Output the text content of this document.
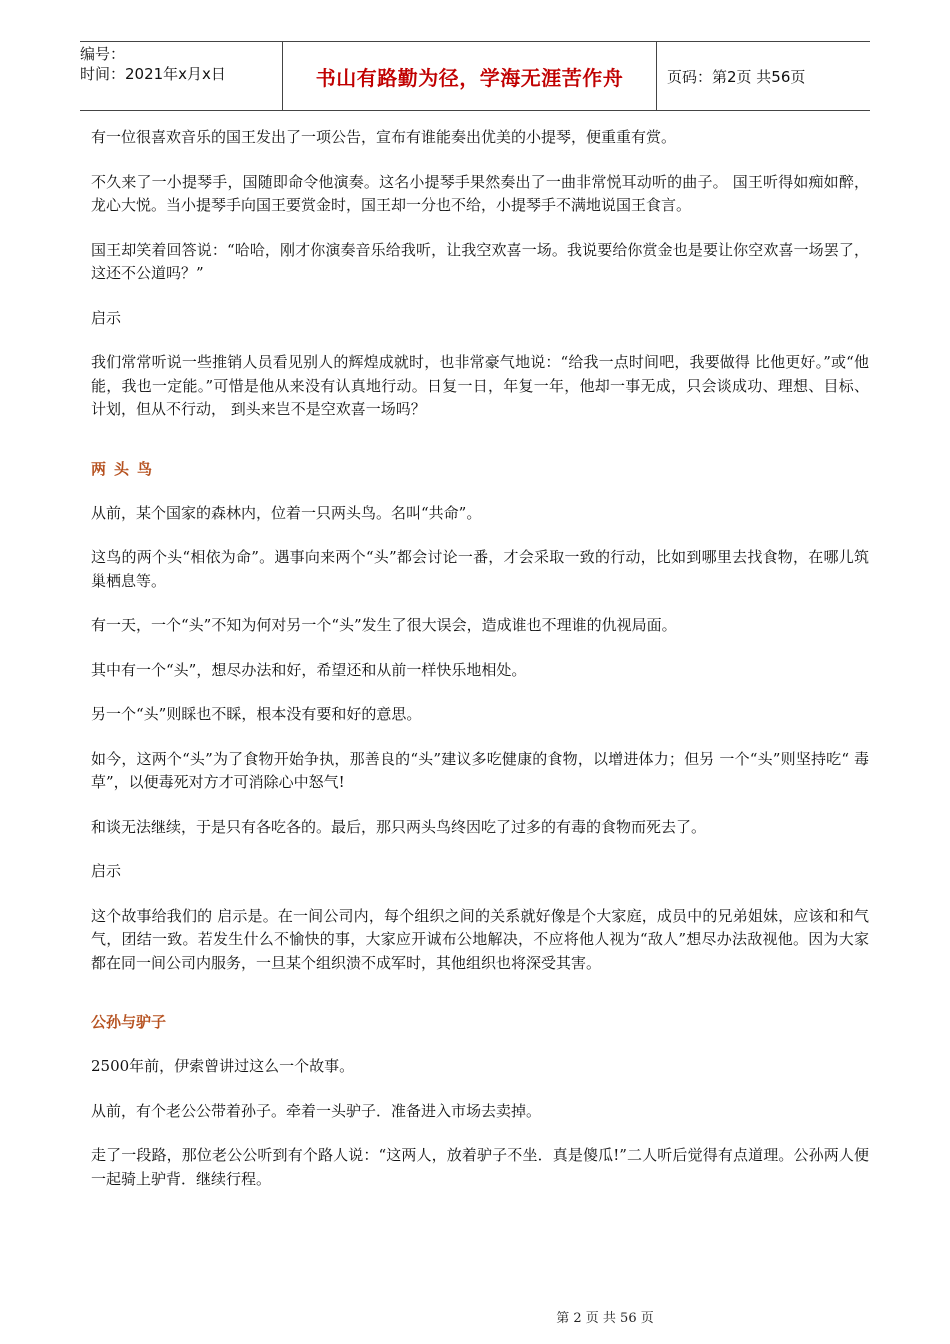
编号：
时间：2021年x月x日	书山有路勤为径，学海无涯苦作舟	页码：第2页 共56页

有一位很喜欢音乐的国王发出了一项公告，宣布有谁能奏出优美的小提琴，便重重有赏。

不久来了一小提琴手，国随即命令他演奏。这名小提琴手果然奏出了一曲非常悦耳动听的曲子。 国王听得如痴如醉，龙心大悦。当小提琴手向国王要赏金时，国王却一分也不给，小提琴手不满地说国王食言。

国王却笑着回答说：“哈哈，刚才你演奏音乐给我听，让我空欢喜一场。我说要给你赏金也是要让你空欢喜一场罢了，这还不公道吗？”

启示

我们常常听说一些推销人员看见别人的辉煌成就时，也非常豪气地说：“给我一点时间吧，我要做得 比他更好。”或“他能，我也一定能。”可惜是他从来没有认真地行动。日复一日，年复一年，他却一事无成，只会谈成功、理想、目标、计划，但从不行动， 到头来岂不是空欢喜一场吗？

两头鸟

从前，某个国家的森林内，位着一只两头鸟。名叫“共命”。

这鸟的两个头“相依为命”。遇事向来两个“头”都会讨论一番，才会采取一致的行动，比如到哪里去找食物，在哪儿筑巢栖息等。

有一天，一个“头”不知为何对另一个“头”发生了很大误会，造成谁也不理谁的仇视局面。

其中有一个“头”，想尽办法和好，希望还和从前一样快乐地相处。

另一个“头”则睬也不睬，根本没有要和好的意思。

如今，这两个“头”为了食物开始争执，那善良的“头”建议多吃健康的食物，以增进体力；但另 一个“头”则坚持吃“ 毒草”，以便毒死对方才可消除心中怒气!

和谈无法继续，于是只有各吃各的。最后，那只两头鸟终因吃了过多的有毒的食物而死去了。

启示

这个故事给我们的 启示是。在一间公司内，每个组织之间的关系就好像是个大家庭，成员中的兄弟姐妹，应该和和气气，团结一致。若发生什么不愉快的事，大家应开诚布公地解决，不应将他人视为“敌人”想尽办法敌视他。因为大家都在同一间公司内服务，一旦某个组织溃不成军时，其他组织也将深受其害。

公孙与驴子

2500年前，伊索曾讲过这么一个故事。

从前，有个老公公带着孙子。牵着一头驴子．准备进入市场去卖掉。

走了一段路，那位老公公听到有个路人说：“这两人，放着驴子不坐．真是傻瓜!”二人听后觉得有点道理。公孙两人便一起骑上驴背．继续行程。

第 2 页 共 56 页
